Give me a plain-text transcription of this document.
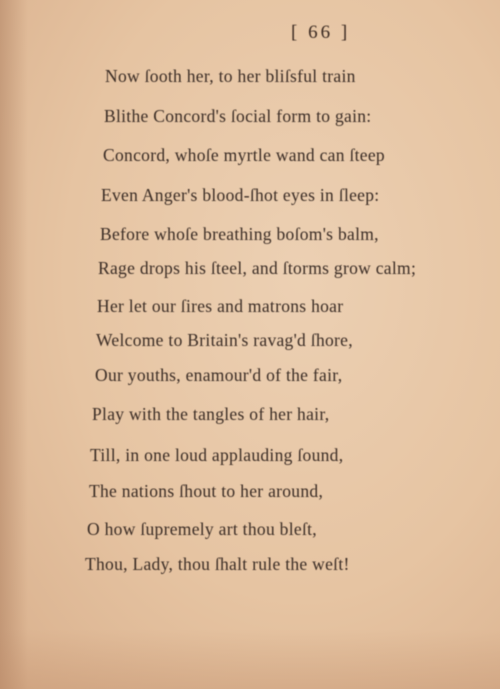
[ 66 ]
Now ſooth her, to her bliſsful train
Blithe Concord's ſocial form to gain:
Concord, whoſe myrtle wand can ſteep
Even Anger's blood-ſhot eyes in ſleep:
Before whoſe breathing boſom's balm,
Rage drops his ſteel, and ſtorms grow calm;
Her let our ſires and matrons hoar
Welcome to Britain's ravag'd ſhore,
Our youths, enamour'd of the fair,
Play with the tangles of her hair,
Till, in one loud applauding ſound,
The nations ſhout to her around,
O how ſupremely art thou bleſt,
Thou, Lady, thou ſhalt rule the weſt!
